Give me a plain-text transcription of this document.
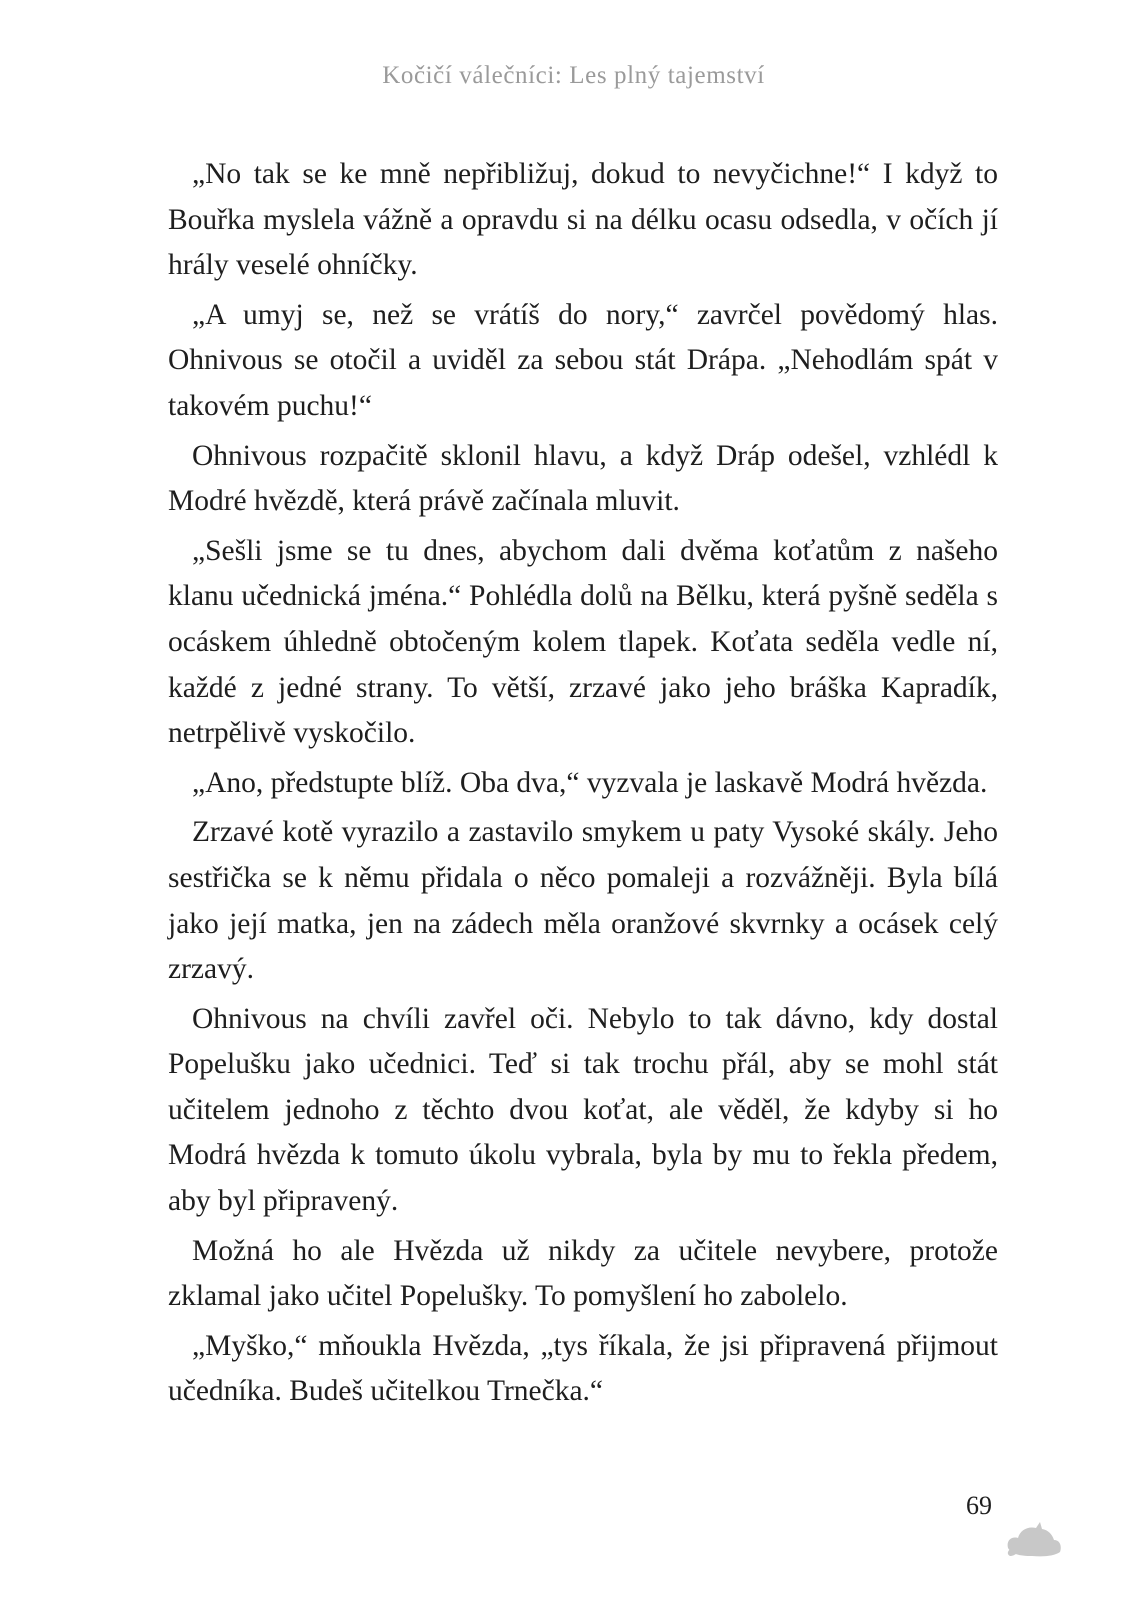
Kočičí válečníci: Les plný tajemství

„No tak se ke mně nepřibližuj, dokud to nevyčichne!“ I když to Bouřka myslela vážně a opravdu si na délku ocasu odsedla, v očích jí hrály veselé ohníčky.

„A umyj se, než se vrátíš do nory,“ zavrčel povědomý hlas. Ohnivous se otočil a uviděl za sebou stát Drápa. „Nehodlám spát v takovém puchu!“

Ohnivous rozpačitě sklonil hlavu, a když Dráp odešel, vzhlédl k Modré hvězdě, která právě začínala mluvit.

„Sešli jsme se tu dnes, abychom dali dvěma koťatům z našeho klanu učednická jména.“ Pohlédla dolů na Bělku, která pyšně seděla s ocáskem úhledně obtočeným kolem tlapek. Koťata seděla vedle ní, každé z jedné strany. To větší, zrzavé jako jeho bráška Kapradík, netrpělivě vyskočilo.

„Ano, předstupte blíž. Oba dva,“ vyzvala je laskavě Modrá hvězda.

Zrzavé kotě vyrazilo a zastavilo smykem u paty Vysoké skály. Jeho sestřička se k němu přidala o něco pomaleji a rozvážněji. Byla bílá jako její matka, jen na zádech měla oranžové skvrnky a ocásek celý zrzavý.

Ohnivous na chvíli zavřel oči. Nebylo to tak dávno, kdy dostal Popelušku jako učednici. Teď si tak trochu přál, aby se mohl stát učitelem jednoho z těchto dvou koťat, ale věděl, že kdyby si ho Modrá hvězda k tomuto úkolu vybrala, byla by mu to řekla předem, aby byl připravený.

Možná ho ale Hvězda už nikdy za učitele nevybere, protože zklamal jako učitel Popelušky. To pomyšlení ho zabolelo.

„Myško,“ mňoukla Hvězda, „tys říkala, že jsi připravená přijmout učedníka. Budeš učitelkou Trnečka.“

69
